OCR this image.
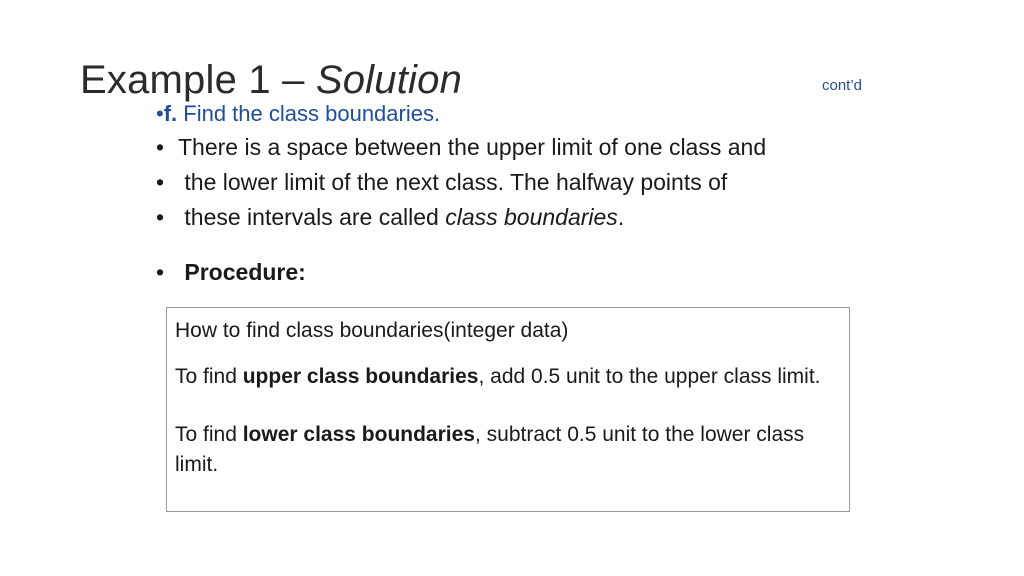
Example 1 – Solution	cont’d
•f. Find the class boundaries.
• There is a space between the upper limit of one class and
• the lower limit of the next class. The halfway points of
• these intervals are called class boundaries.
• Procedure:

How to find class boundaries(integer data)

To find upper class boundaries, add 0.5 unit to the upper class limit.

To find lower class boundaries, subtract 0.5 unit to the lower class limit.
